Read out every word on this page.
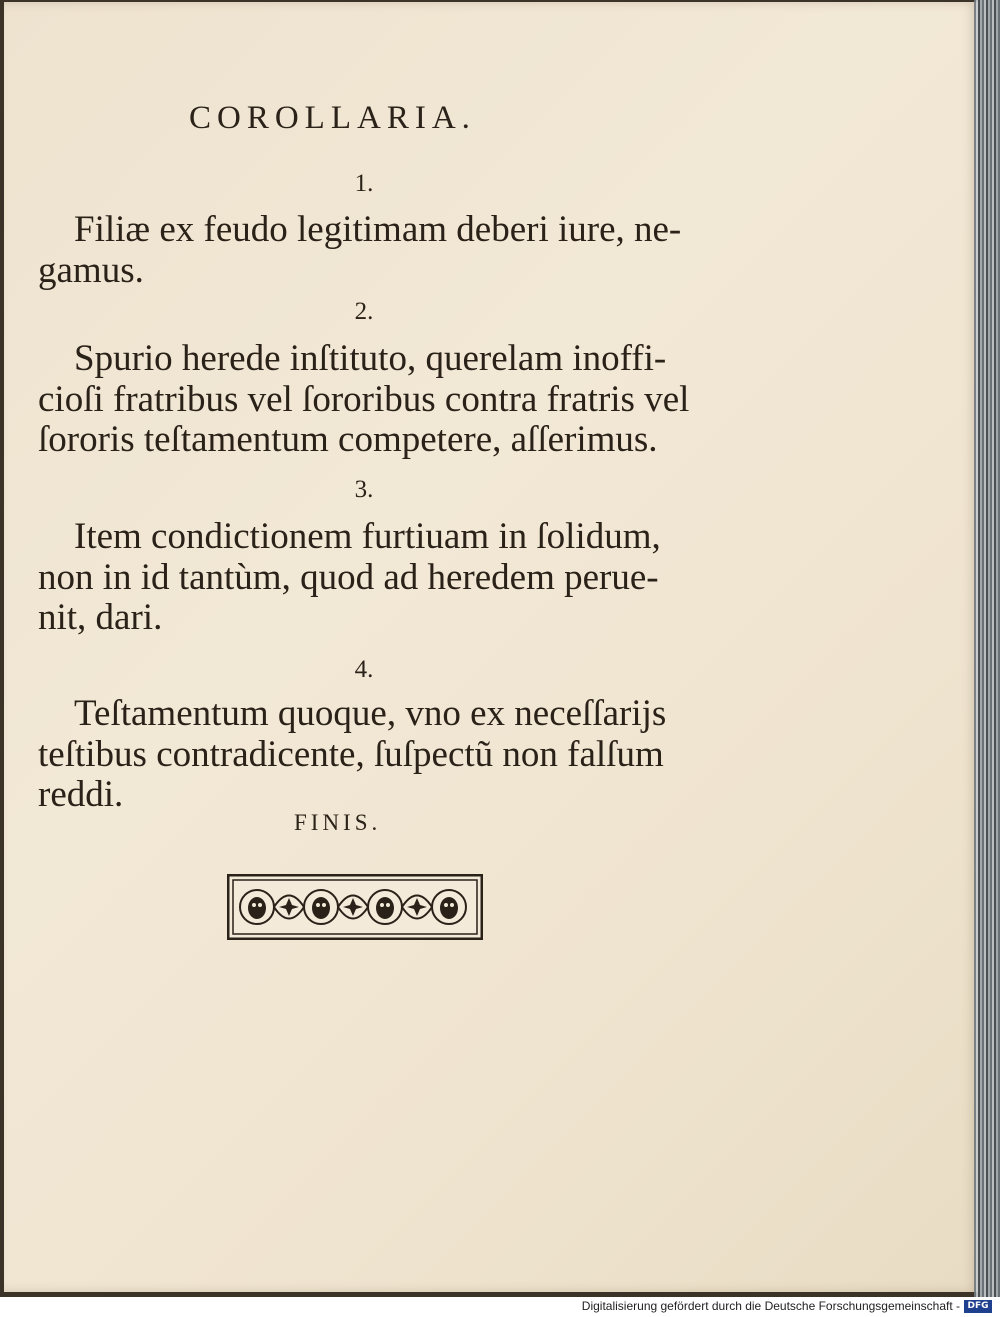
COROLLARIA.
1.

Filiæ ex feudo legitimam deberi iure, ne-
gamus.

2.

Spurio herede inſtituto, querelam inoffi-
cioſi fratribus vel ſororibus contra fratris vel
ſororis teſtamentum competere, aſſerimus.

3.

Item condictionem furtiuam in ſolidum,
non in id tantùm, quod ad heredem perue-
nit, dari.

4.

Teſtamentum quoque, vno ex neceſſarijs
teſtibus contradicente, ſuſpectũ non falſum
reddi.

FINIS.
Digitalisierung gefördert durch die Deutsche Forschungsgemeinschaft - DFG
